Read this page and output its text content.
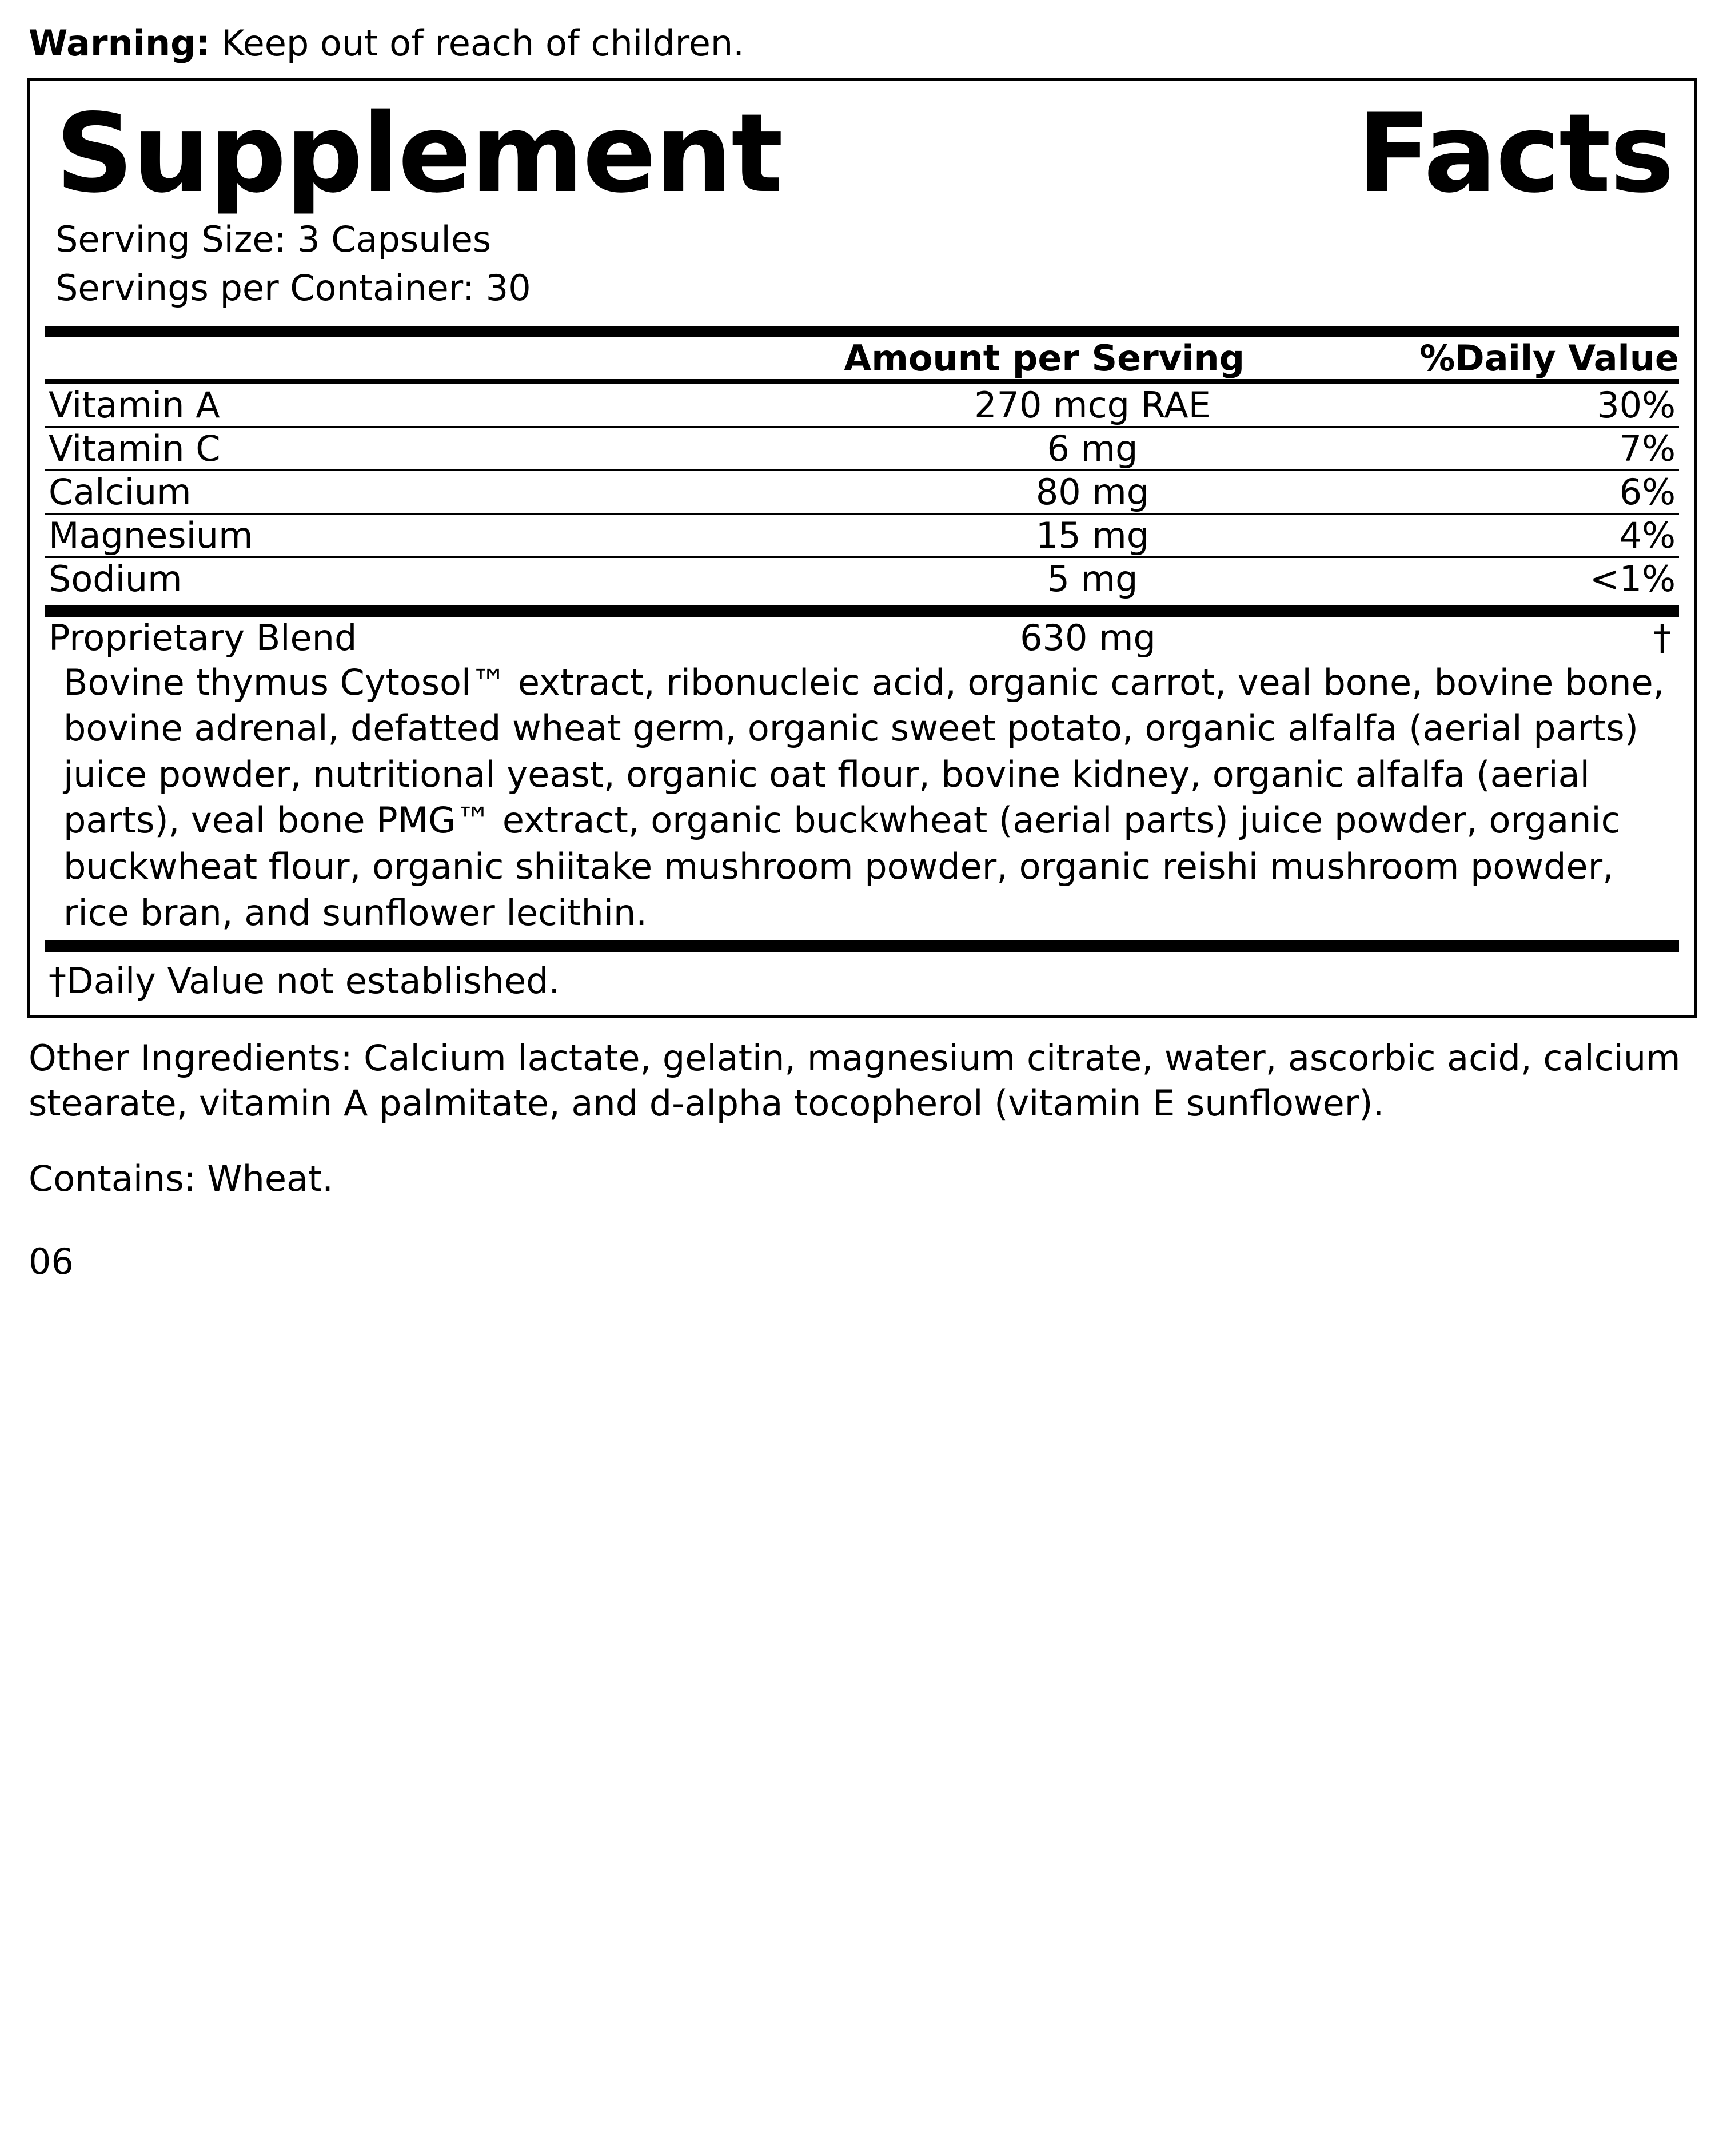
Warning: Keep out of reach of children.

Supplement	Facts
Serving Size: 3 Capsules
Servings per Container: 30
	Amount per Serving	%Daily Value
Vitamin A	270 mcg RAE	30%

Vitamin C	6 mg	7%

Calcium	80 mg	6%

Magnesium	15 mg	4%

Sodium	5 mg	<1%
Proprietary Blend	630 mg	†
Bovine thymus Cytosol™ extract, ribonucleic acid, organic carrot, veal bone, bovine bone, bovine adrenal, defatted wheat germ, organic sweet potato, organic alfalfa (aerial parts) juice powder, nutritional yeast, organic oat flour, bovine kidney, organic alfalfa (aerial parts), veal bone PMG™ extract, organic buckwheat (aerial parts) juice powder, organic buckwheat flour, organic shiitake mushroom powder, organic reishi mushroom powder, rice bran, and sunflower lecithin.
†Daily Value not established.

Other Ingredients: Calcium lactate, gelatin, magnesium citrate, water, ascorbic acid, calcium stearate, vitamin A palmitate, and d-alpha tocopherol (vitamin E sunflower).

Contains: Wheat.

06
